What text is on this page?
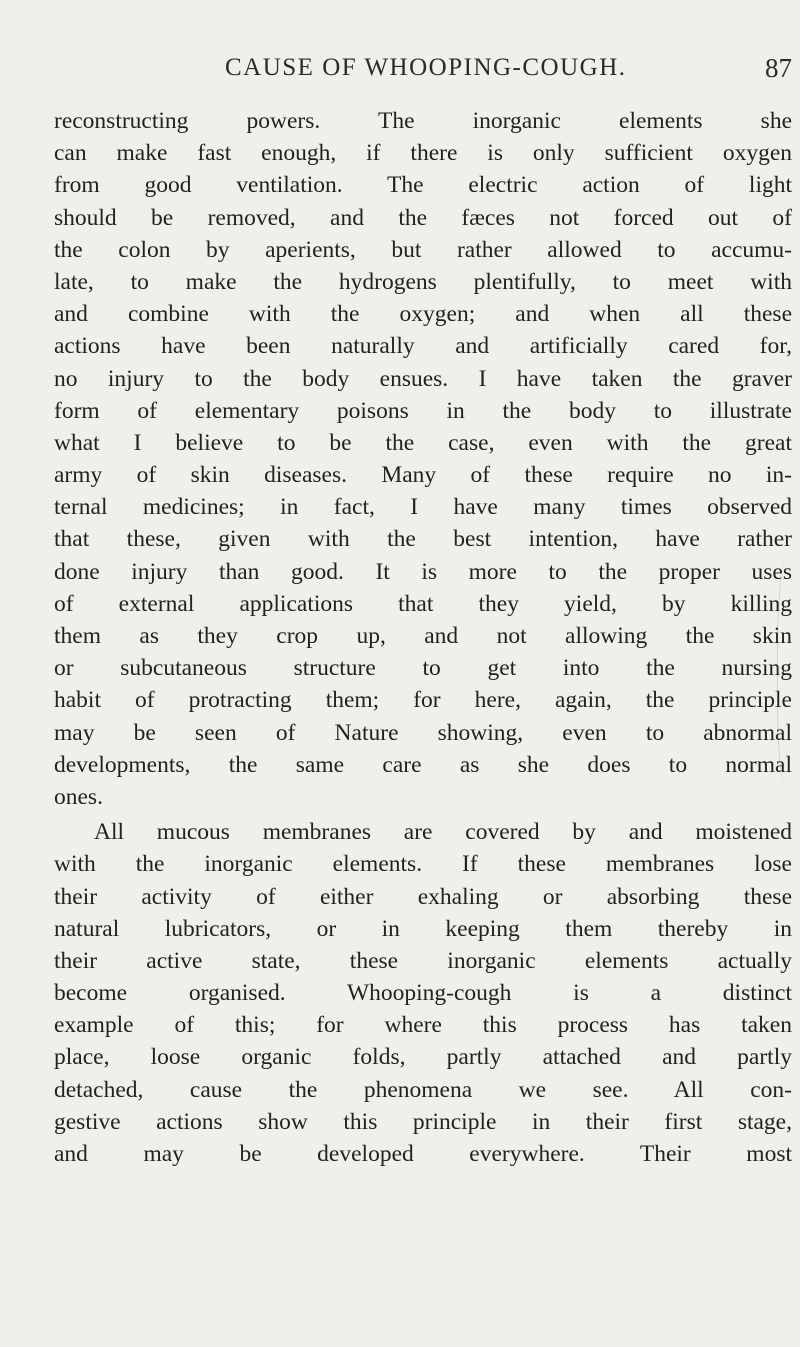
CAUSE OF WHOOPING-COUGH.	87
reconstructing powers. The inorganic elements she
can make fast enough, if there is only sufficient oxygen
from good ventilation. The electric action of light
should be removed, and the fæces not forced out of
the colon by aperients, but rather allowed to accumu-
late, to make the hydrogens plentifully, to meet with
and combine with the oxygen; and when all these
actions have been naturally and artificially cared for,
no injury to the body ensues. I have taken the graver
form of elementary poisons in the body to illustrate
what I believe to be the case, even with the great
army of skin diseases. Many of these require no in-
ternal medicines; in fact, I have many times observed
that these, given with the best intention, have rather
done injury than good. It is more to the proper uses
of external applications that they yield, by killing
them as they crop up, and not allowing the skin
or subcutaneous structure to get into the nursing
habit of protracting them; for here, again, the principle
may be seen of Nature showing, even to abnormal
developments, the same care as she does to normal
ones.
All mucous membranes are covered by and moistened
with the inorganic elements. If these membranes lose
their activity of either exhaling or absorbing these
natural lubricators, or in keeping them thereby in
their active state, these inorganic elements actually
become organised. Whooping-cough is a distinct
example of this; for where this process has taken
place, loose organic folds, partly attached and partly
detached, cause the phenomena we see. All con-
gestive actions show this principle in their first stage,
and may be developed everywhere. Their most
